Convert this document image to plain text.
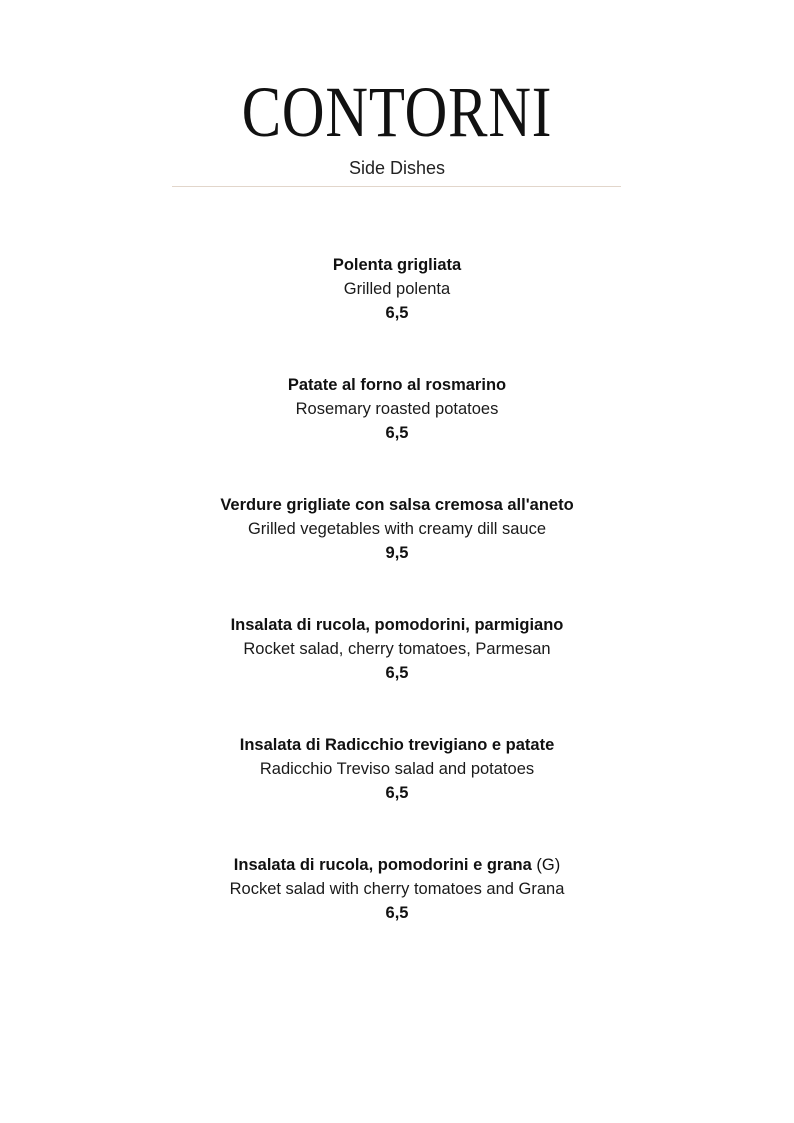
CONTORNI
Side Dishes
Polenta grigliata
Grilled polenta
6,5
Patate al forno al rosmarino
Rosemary roasted potatoes
6,5
Verdure grigliate con salsa cremosa all'aneto
Grilled vegetables with creamy dill sauce
9,5
Insalata di rucola, pomodorini, parmigiano
Rocket salad, cherry tomatoes, Parmesan
6,5
Insalata di Radicchio trevigiano e patate
Radicchio Treviso salad and potatoes
6,5
Insalata di rucola, pomodorini e grana (G)
Rocket salad with cherry tomatoes and Grana
6,5
